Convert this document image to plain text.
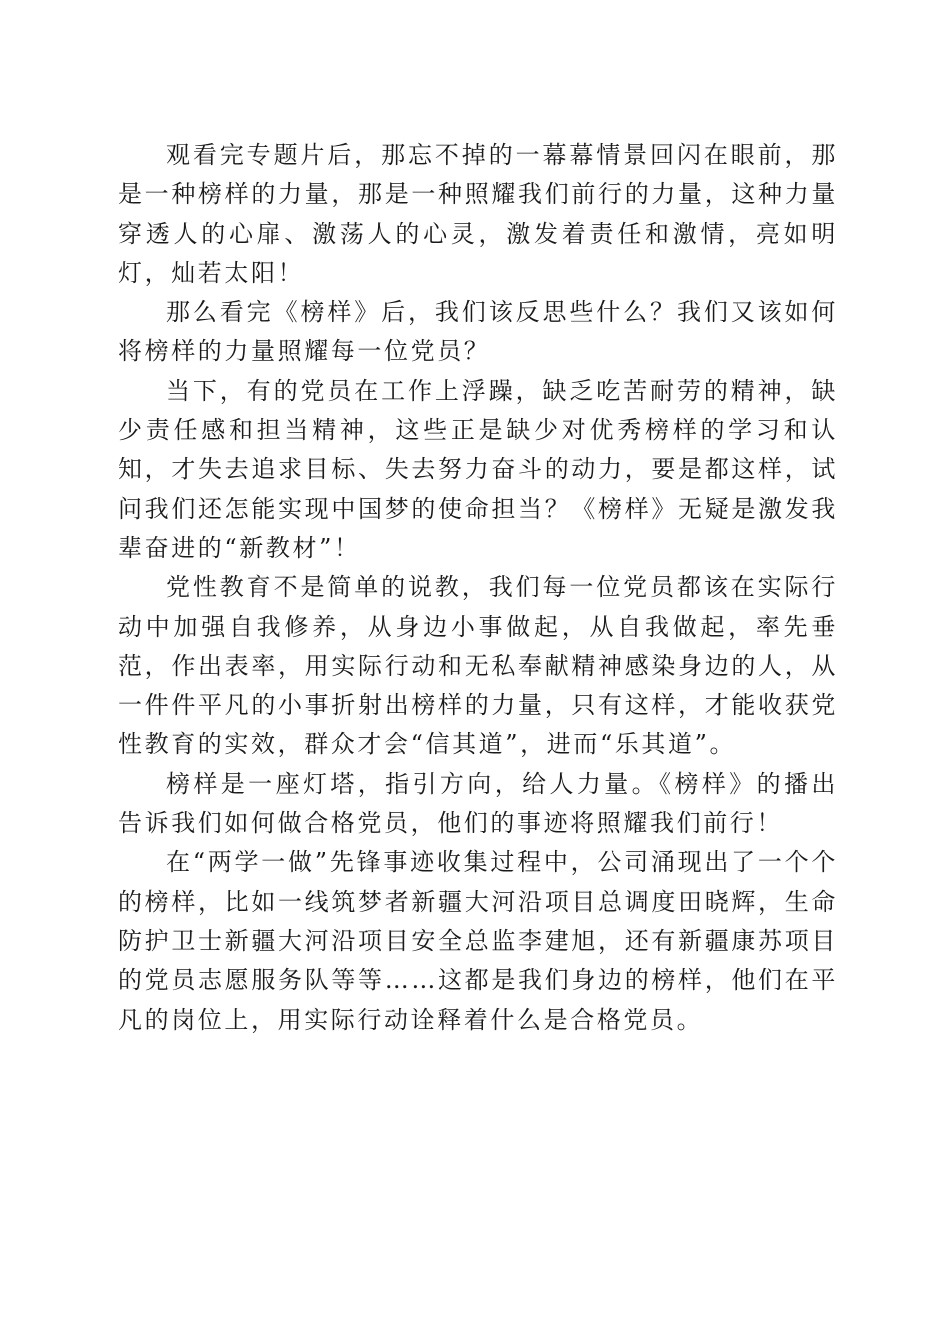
观看完专题片后，那忘不掉的一幕幕情景回闪在眼前，那是一种榜样的力量，那是一种照耀我们前行的力量，这种力量穿透人的心扉、激荡人的心灵，激发着责任和激情，亮如明灯，灿若太阳！

那么看完《榜样》后，我们该反思些什么？我们又该如何将榜样的力量照耀每一位党员？

当下，有的党员在工作上浮躁，缺乏吃苦耐劳的精神，缺少责任感和担当精神，这些正是缺少对优秀榜样的学习和认知，才失去追求目标、失去努力奋斗的动力，要是都这样，试问我们还怎能实现中国梦的使命担当？《榜样》无疑是激发我辈奋进的“新教材”！

党性教育不是简单的说教，我们每一位党员都该在实际行动中加强自我修养，从身边小事做起，从自我做起，率先垂范，作出表率，用实际行动和无私奉献精神感染身边的人，从一件件平凡的小事折射出榜样的力量，只有这样，才能收获党性教育的实效，群众才会“信其道”，进而“乐其道”。

榜样是一座灯塔，指引方向，给人力量。《榜样》的播出告诉我们如何做合格党员，他们的事迹将照耀我们前行！

在“两学一做”先锋事迹收集过程中，公司涌现出了一个个的榜样，比如一线筑梦者新疆大河沿项目总调度田晓辉，生命防护卫士新疆大河沿项目安全总监李建旭，还有新疆康苏项目的党员志愿服务队等等……这都是我们身边的榜样，他们在平凡的岗位上，用实际行动诠释着什么是合格党员。
